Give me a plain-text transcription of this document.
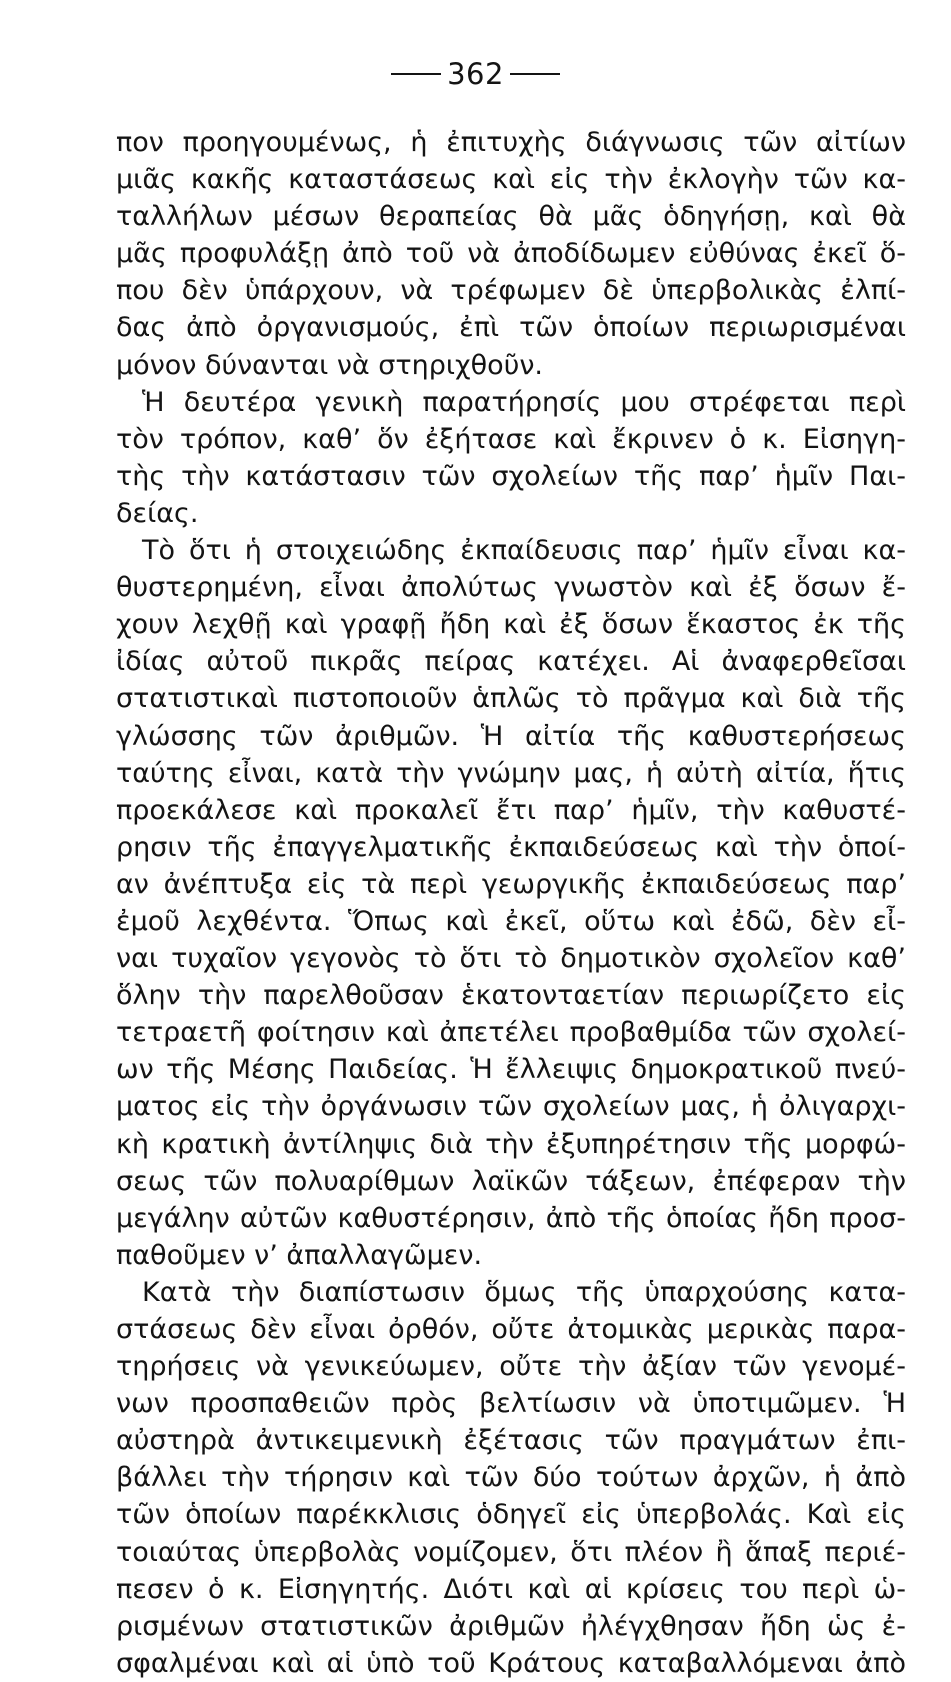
362
πον προηγουμένως, ἡ ἐπιτυχὴς διάγνωσις τῶν αἰτίων
μιᾶς κακῆς καταστάσεως καὶ εἰς τὴν ἐκλογὴν τῶν κα-
ταλλήλων μέσων θεραπείας θὰ μᾶς ὁδηγήσῃ, καὶ θὰ
μᾶς προφυλάξῃ ἀπὸ τοῦ νὰ ἀποδίδωμεν εὐθύνας ἐκεῖ ὅ-
που δὲν ὑπάρχουν, νὰ τρέφωμεν δὲ ὑπερβολικὰς ἐλπί-
δας ἀπὸ ὀργανισμούς, ἐπὶ τῶν ὁποίων περιωρισμέναι
μόνον δύνανται νὰ στηριχθοῦν.
Ἡ δευτέρα γενικὴ παρατήρησίς μου στρέφεται περὶ
τὸν τρόπον, καθ’ ὅν ἐξήτασε καὶ ἔκρινεν ὁ κ. Εἰσηγη-
τὴς τὴν κατάστασιν τῶν σχολείων τῆς παρ’ ἡμῖν Παι-
δείας.
Τὸ ὅτι ἡ στοιχειώδης ἐκπαίδευσις παρ’ ἡμῖν εἶναι κα-
θυστερημένη, εἶναι ἀπολύτως γνωστὸν καὶ ἐξ ὅσων ἔ-
χουν λεχθῇ καὶ γραφῇ ἤδη καὶ ἐξ ὅσων ἕκαστος ἐκ τῆς
ἰδίας αὐτοῦ πικρᾶς πείρας κατέχει. Αἱ ἀναφερθεῖσαι
στατιστικαὶ πιστοποιοῦν ἁπλῶς τὸ πρᾶγμα καὶ διὰ τῆς
γλώσσης τῶν ἀριθμῶν. Ἡ αἰτία τῆς καθυστερήσεως
ταύτης εἶναι, κατὰ τὴν γνώμην μας, ἡ αὐτὴ αἰτία, ἥτις
προεκάλεσε καὶ προκαλεῖ ἔτι παρ’ ἡμῖν, τὴν καθυστέ-
ρησιν τῆς ἐπαγγελματικῆς ἐκπαιδεύσεως καὶ τὴν ὁποί-
αν ἀνέπτυξα εἰς τὰ περὶ γεωργικῆς ἐκπαιδεύσεως παρ’
ἐμοῦ λεχθέντα. Ὅπως καὶ ἐκεῖ, οὕτω καὶ ἐδῶ, δὲν εἶ-
ναι τυχαῖον γεγονὸς τὸ ὅτι τὸ δημοτικὸν σχολεῖον καθ’
ὅλην τὴν παρελθοῦσαν ἑκατονταετίαν περιωρίζετο εἰς
τετραετῆ φοίτησιν καὶ ἀπετέλει προβαθμίδα τῶν σχολεί-
ων τῆς Μέσης Παιδείας. Ἡ ἔλλειψις δημοκρατικοῦ πνεύ-
ματος εἰς τὴν ὀργάνωσιν τῶν σχολείων μας, ἡ ὀλιγαρχι-
κὴ κρατικὴ ἀντίληψις διὰ τὴν ἐξυπηρέτησιν τῆς μορφώ-
σεως τῶν πολυαρίθμων λαϊκῶν τάξεων, ἐπέφεραν τὴν
μεγάλην αὐτῶν καθυστέρησιν, ἀπὸ τῆς ὁποίας ἤδη προσ-
παθοῦμεν ν’ ἀπαλλαγῶμεν.
Κατὰ τὴν διαπίστωσιν ὅμως τῆς ὑπαρχούσης κατα-
στάσεως δὲν εἶναι ὀρθόν, οὔτε ἀτομικὰς μερικὰς παρα-
τηρήσεις νὰ γενικεύωμεν, οὔτε τὴν ἀξίαν τῶν γενομέ-
νων προσπαθειῶν πρὸς βελτίωσιν νὰ ὑποτιμῶμεν. Ἡ
αὐστηρὰ ἀντικειμενικὴ ἐξέτασις τῶν πραγμάτων ἐπι-
βάλλει τὴν τήρησιν καὶ τῶν δύο τούτων ἀρχῶν, ἡ ἀπὸ
τῶν ὁποίων παρέκκλισις ὁδηγεῖ εἰς ὑπερβολάς. Καὶ εἰς
τοιαύτας ὑπερβολὰς νομίζομεν, ὅτι πλέον ἢ ἅπαξ περιέ-
πεσεν ὁ κ. Εἰσηγητής. Διότι καὶ αἱ κρίσεις του περὶ ὡ-
ρισμένων στατιστικῶν ἀριθμῶν ἠλέγχθησαν ἤδη ὡς ἐ-
σφαλμέναι καὶ αἱ ὑπὸ τοῦ Κράτους καταβαλλόμεναι ἀπὸ
